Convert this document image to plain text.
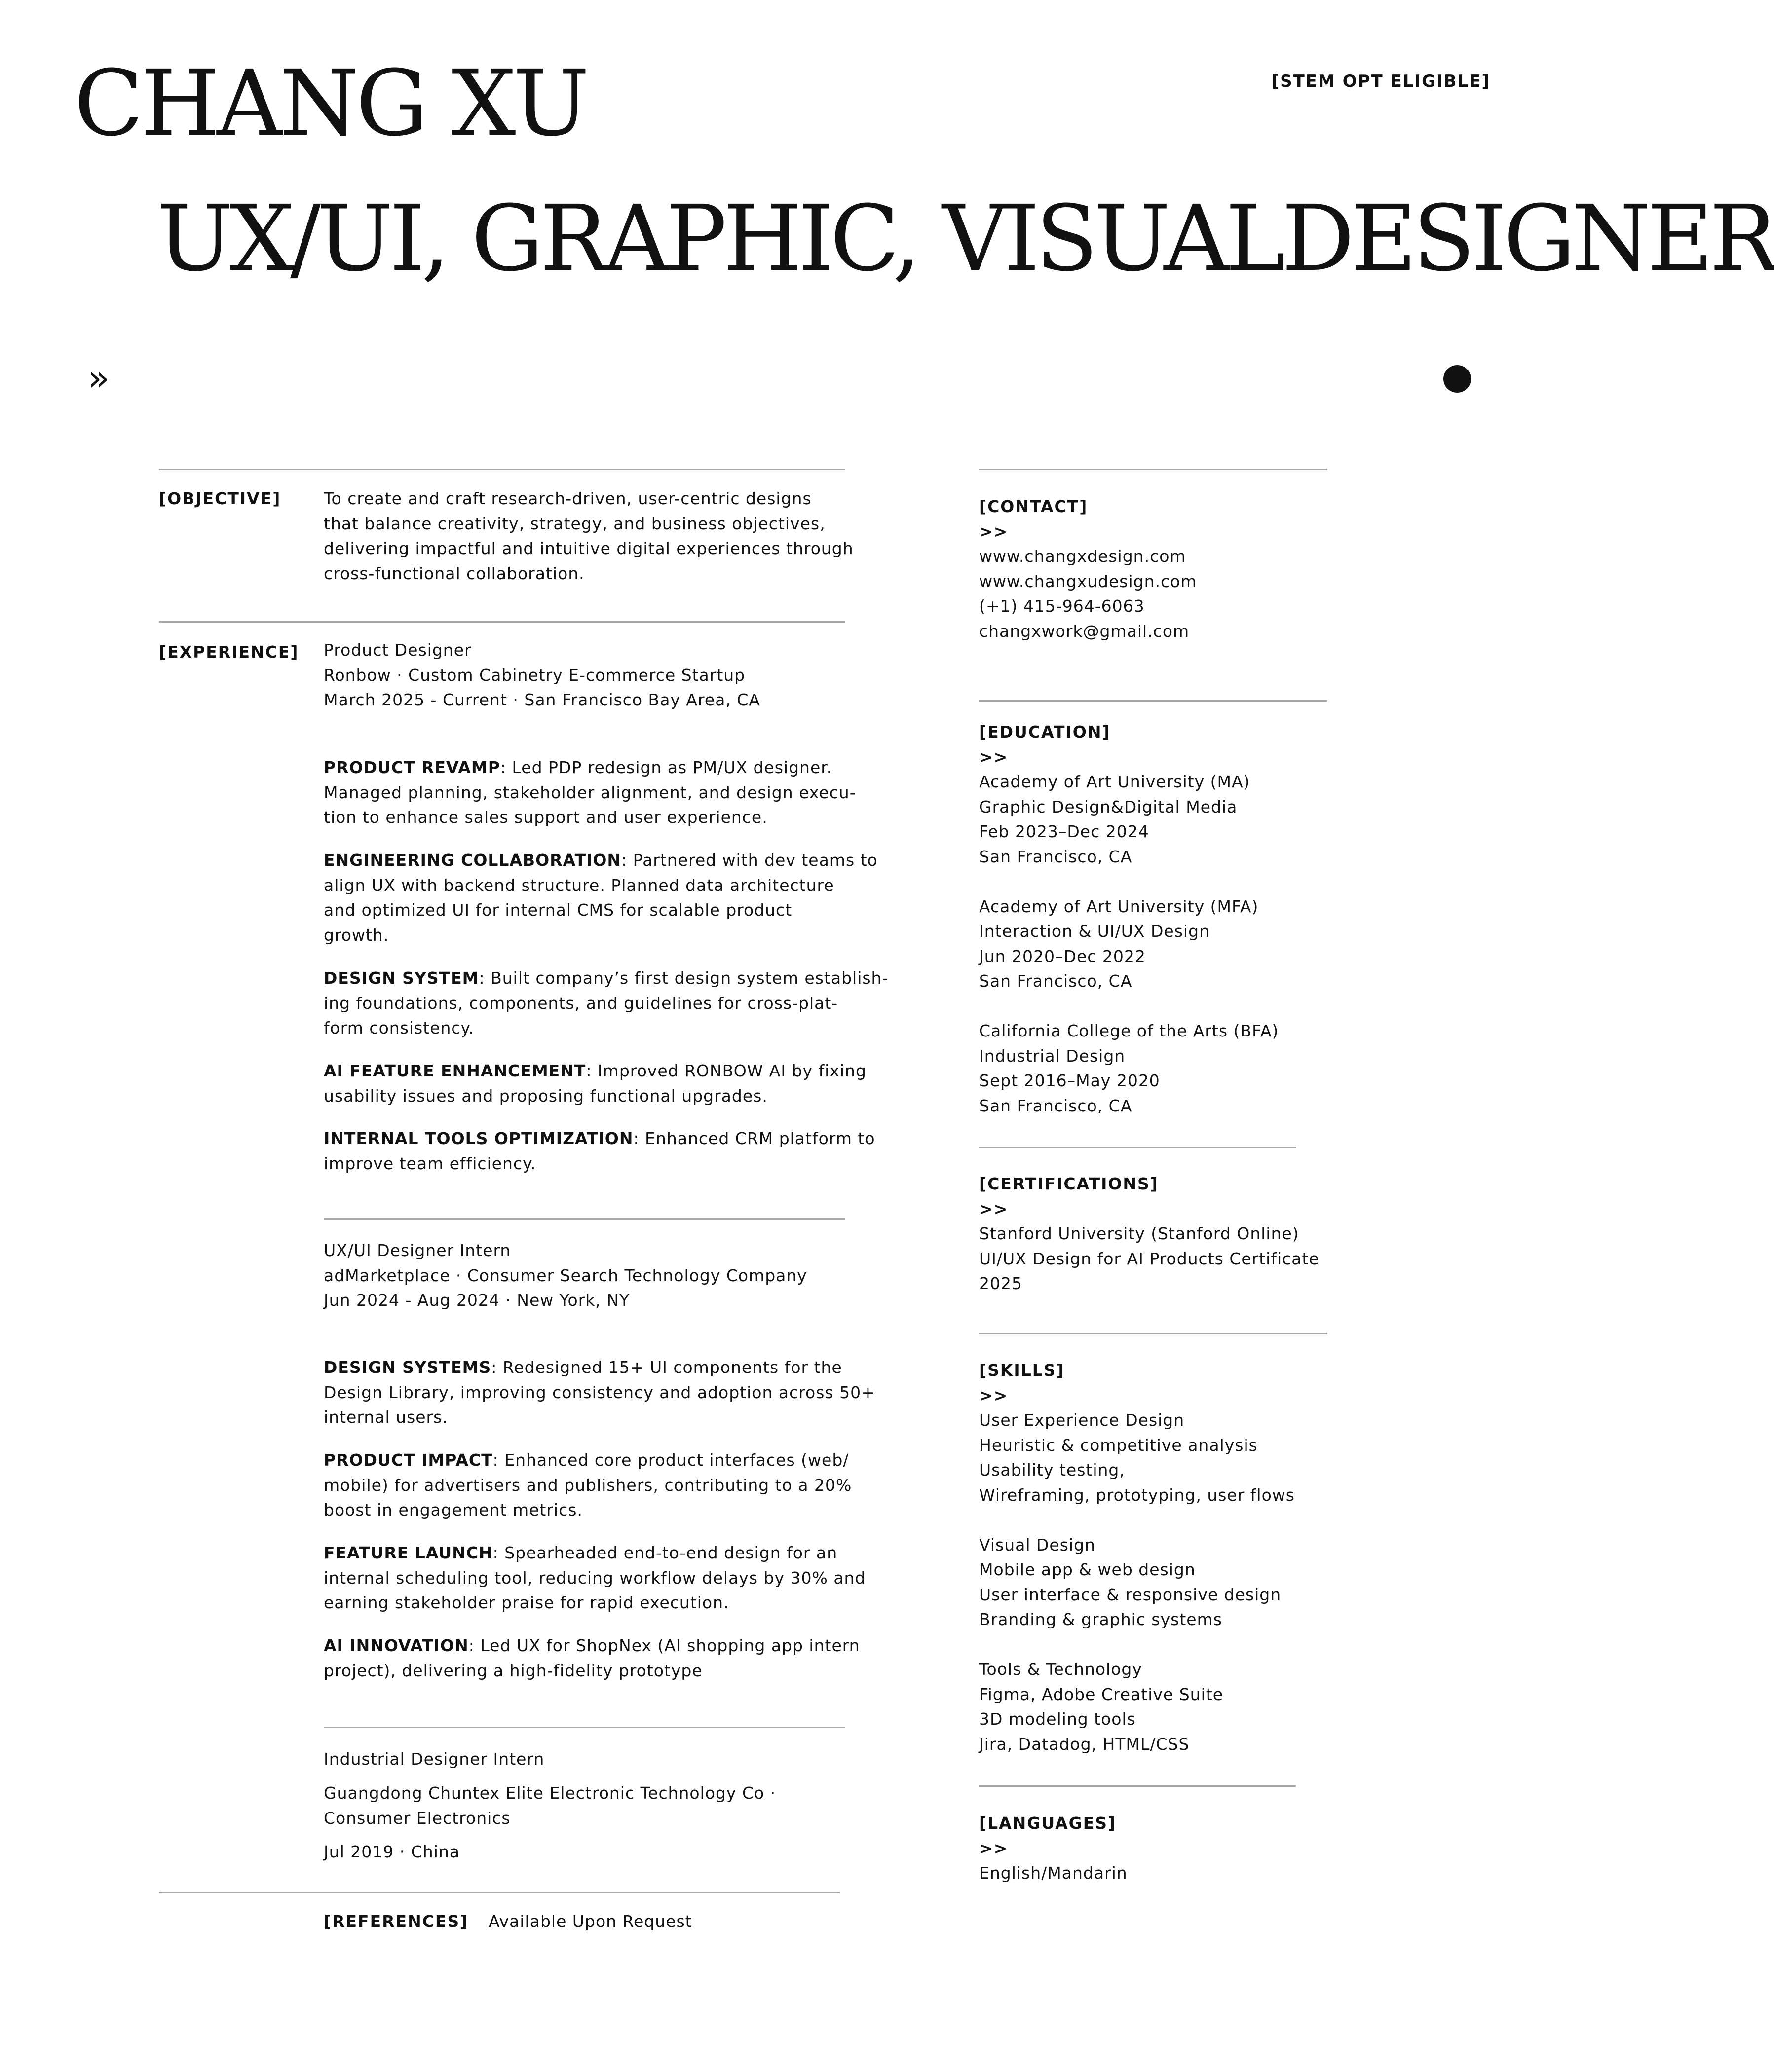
CHANG XU	[STEM OPT ELIGIBLE]
UX/UI, GRAPHIC, VISUALDESIGNER
»
[OBJECTIVE]	To create and craft research-driven, user-centric designs
that balance creativity, strategy, and business objectives,
delivering impactful and intuitive digital experiences through
cross-functional collaboration.
[EXPERIENCE] Product Designer
Ronbow · Custom Cabinetry E-commerce Startup
March 2025 - Current · San Francisco Bay Area, CA
PRODUCT REVAMP: Led PDP redesign as PM/UX designer.
Managed planning, stakeholder alignment, and design execu-
tion to enhance sales support and user experience.
ENGINEERING COLLABORATION: Partnered with dev teams to
align UX with backend structure. Planned data architecture
and optimized UI for internal CMS for scalable product
growth.
DESIGN SYSTEM: Built company’s first design system establish-
ing foundations, components, and guidelines for cross-plat-
form consistency.
AI FEATURE ENHANCEMENT: Improved RONBOW AI by fixing
usability issues and proposing functional upgrades.
INTERNAL TOOLS OPTIMIZATION: Enhanced CRM platform to
improve team efficiency.
UX/UI Designer Intern
adMarketplace · Consumer Search Technology Company
Jun 2024 - Aug 2024 · New York, NY
DESIGN SYSTEMS: Redesigned 15+ UI components for the
Design Library, improving consistency and adoption across 50+
internal users.
PRODUCT IMPACT: Enhanced core product interfaces (web/
mobile) for advertisers and publishers, contributing to a 20%
boost in engagement metrics.
FEATURE LAUNCH: Spearheaded end-to-end design for an
internal scheduling tool, reducing workflow delays by 30% and
earning stakeholder praise for rapid execution.
AI INNOVATION: Led UX for ShopNex (AI shopping app intern
project), delivering a high-fidelity prototype
Industrial Designer Intern
Guangdong Chuntex Elite Electronic Technology Co ·
Consumer Electronics
Jul 2019 · China
[REFERENCES] Available Upon Request
[CONTACT]
>>
www.changxdesign.com
www.changxudesign.com
(+1) 415-964-6063
changxwork@gmail.com
[EDUCATION]
>>
Academy of Art University (MA)
Graphic Design&Digital Media
Feb 2023–Dec 2024
San Francisco, CA
Academy of Art University (MFA)
Interaction & UI/UX Design
Jun 2020–Dec 2022
San Francisco, CA
California College of the Arts (BFA)
Industrial Design
Sept 2016–May 2020
San Francisco, CA
[CERTIFICATIONS]
>>
Stanford University (Stanford Online)
UI/UX Design for AI Products Certificate
2025
[SKILLS]
>>
User Experience Design
Heuristic & competitive analysis
Usability testing,
Wireframing, prototyping, user flows
Visual Design
Mobile app & web design
User interface & responsive design
Branding & graphic systems
Tools & Technology
Figma, Adobe Creative Suite
3D modeling tools
Jira, Datadog, HTML/CSS
[LANGUAGES]
>>
English/Mandarin
